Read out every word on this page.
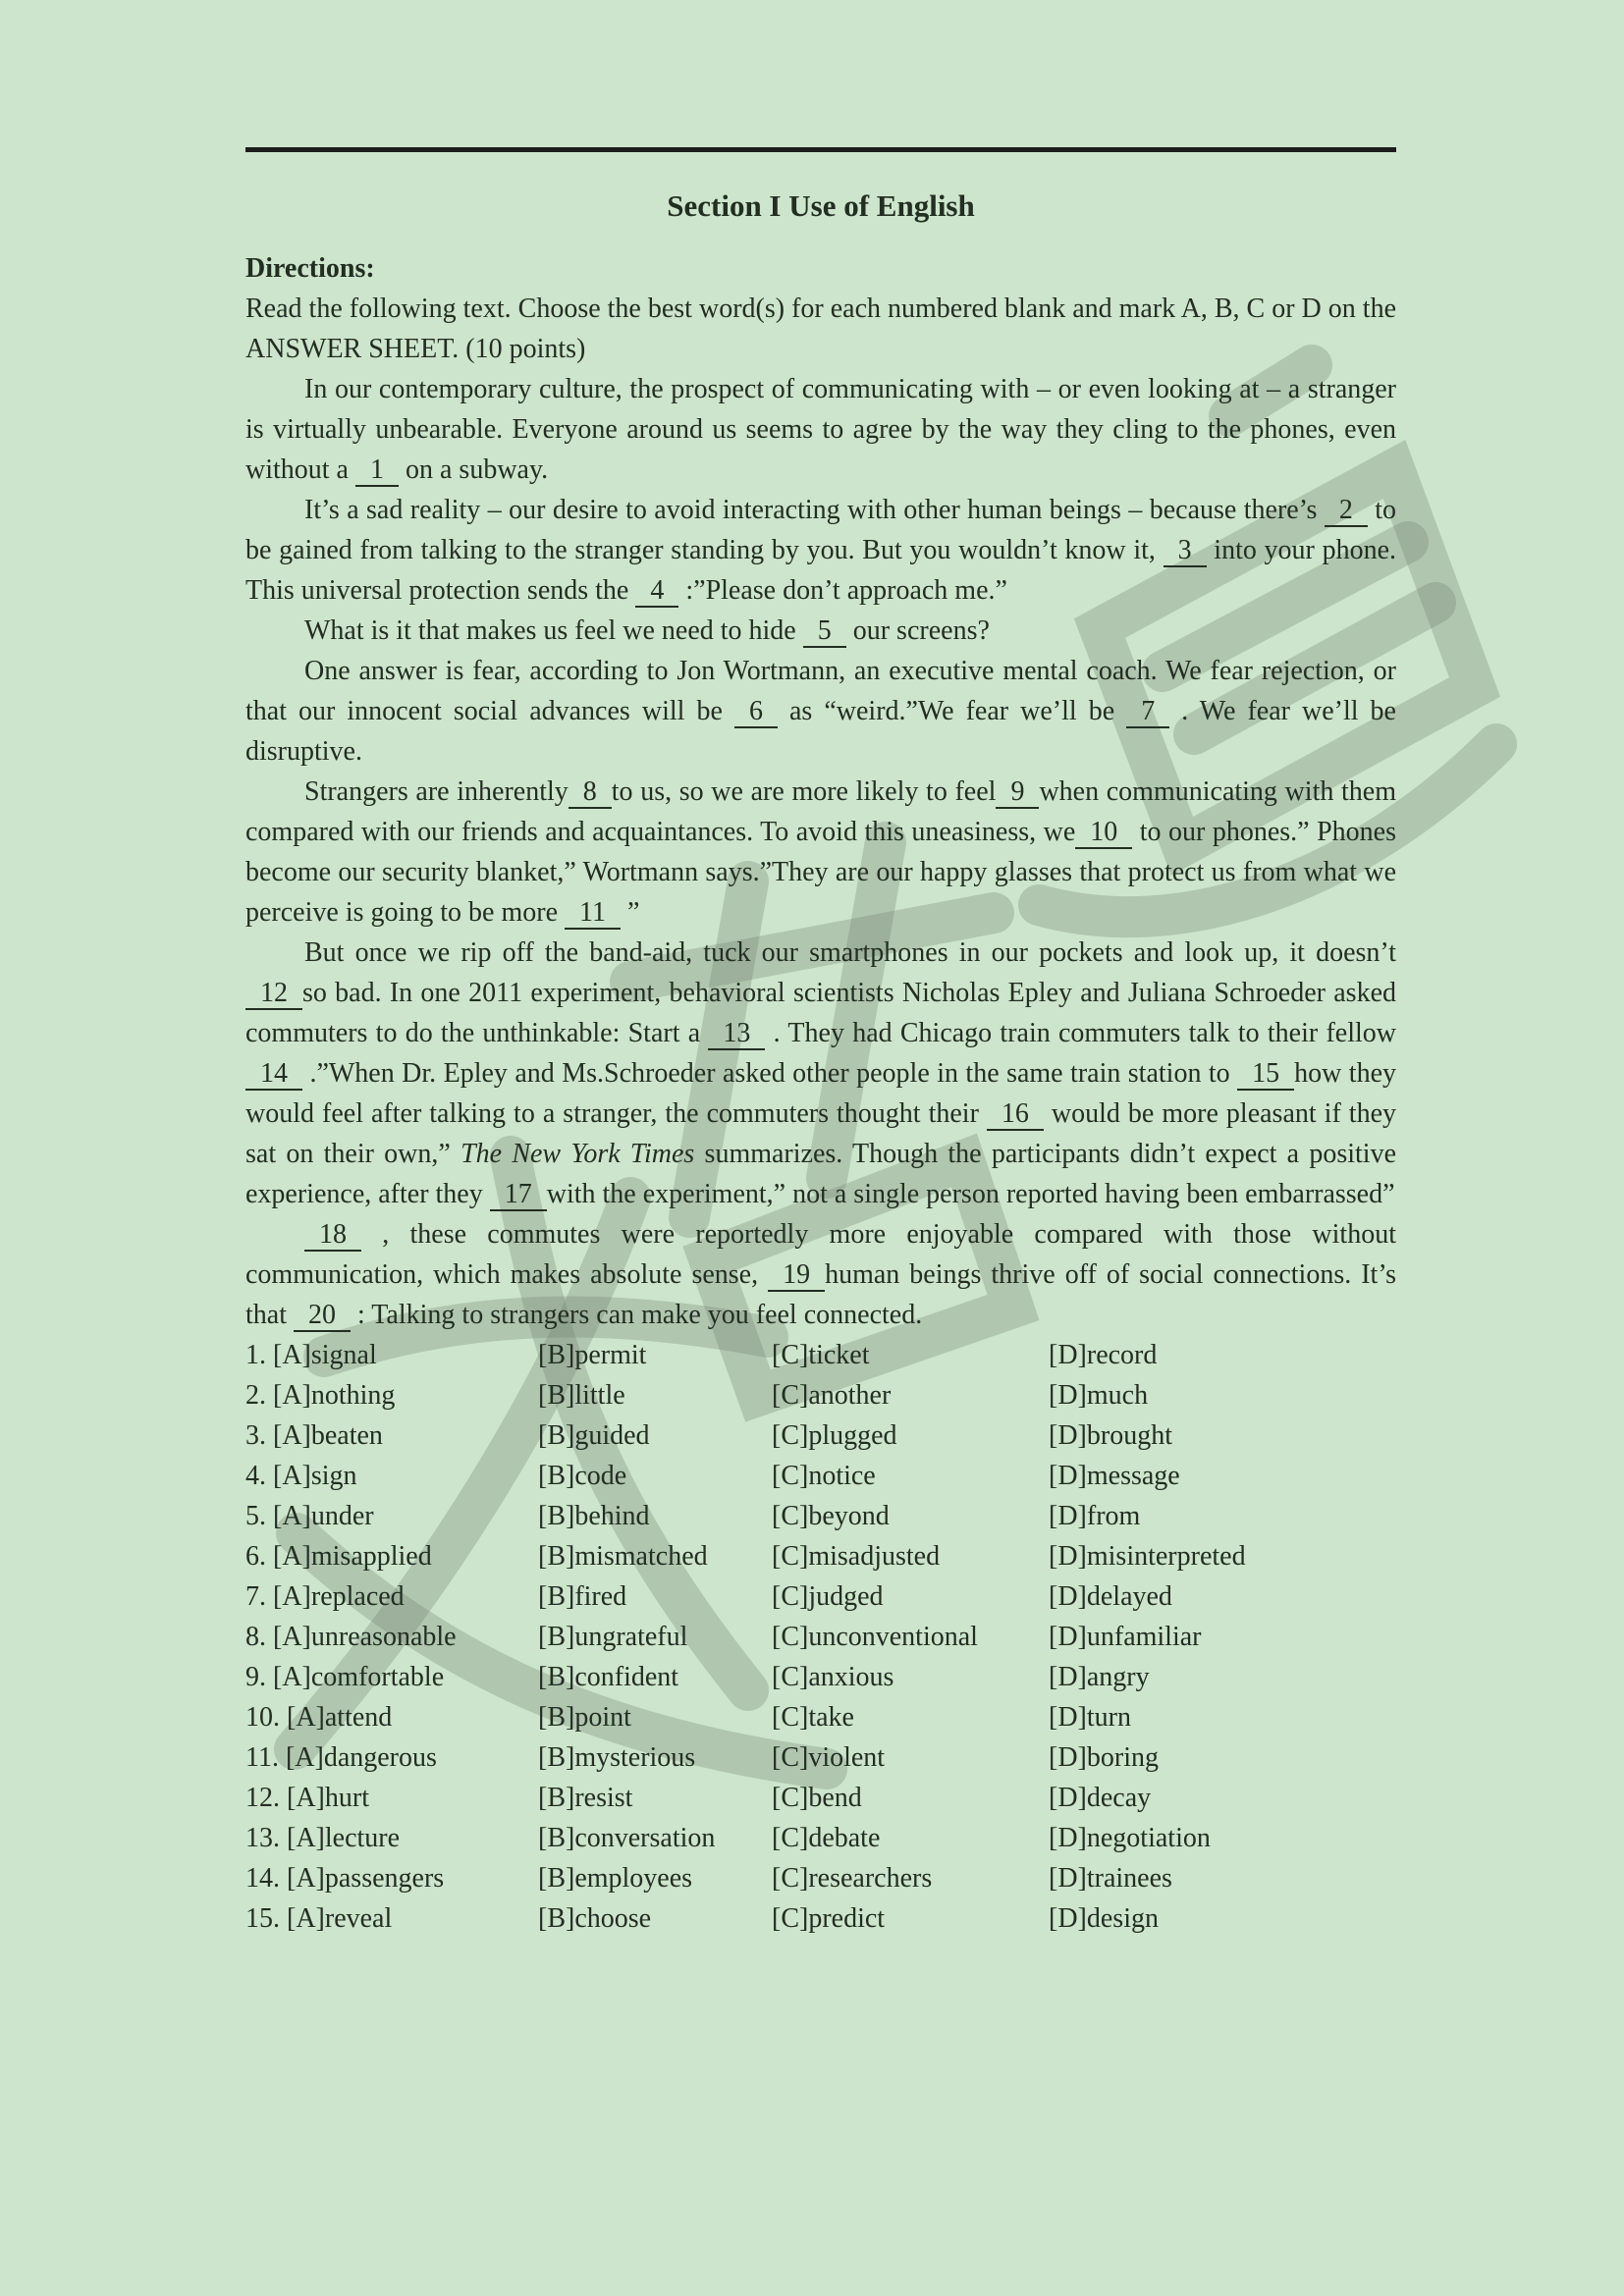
Section I Use of English
Directions:

Read the following text. Choose the best word(s) for each numbered blank and mark A, B, C or D on the ANSWER SHEET. (10 points)

In our contemporary culture, the prospect of communicating with – or even looking at – a stranger is virtually unbearable. Everyone around us seems to agree by the way they cling to the phones, even without a 1 on a subway.

It’s a sad reality – our desire to avoid interacting with other human beings – because there’s 2 to be gained from talking to the stranger standing by you. But you wouldn’t know it, 3 into your phone. This universal protection sends the 4 :”Please don’t approach me.”

What is it that makes us feel we need to hide 5 our screens?

One answer is fear, according to Jon Wortmann, an executive mental coach. We fear rejection, or that our innocent social advances will be 6 as “weird.”We fear we’ll be 7 . We fear we’ll be disruptive.

Strangers are inherently 8 to us, so we are more likely to feel 9 when communicating with them compared with our friends and acquaintances. To avoid this uneasiness, we 10 to our phones.” Phones become our security blanket,” Wortmann says.”They are our happy glasses that protect us from what we perceive is going to be more 11 ”

But once we rip off the band-aid, tuck our smartphones in our pockets and look up, it doesn’t 12 so bad. In one 2011 experiment, behavioral scientists Nicholas Epley and Juliana Schroeder asked commuters to do the unthinkable: Start a 13 . They had Chicago train commuters talk to their fellow 14 .”When Dr. Epley and Ms.Schroeder asked other people in the same train station to 15 how they would feel after talking to a stranger, the commuters thought their 16 would be more pleasant if they sat on their own,” The New York Times summarizes. Though the participants didn’t expect a positive experience, after they 17 with the experiment,” not a single person reported having been embarrassed”

18 , these commutes were reportedly more enjoyable compared with those without communication, which makes absolute sense, 19 human beings thrive off of social connections. It’s that 20 : Talking to strangers can make you feel connected.

1. [A]signal	[B]permit	[C]ticket	[D]record
2. [A]nothing	[B]little	[C]another	[D]much
3. [A]beaten	[B]guided	[C]plugged	[D]brought
4. [A]sign	[B]code	[C]notice	[D]message
5. [A]under	[B]behind	[C]beyond	[D]from
6. [A]misapplied	[B]mismatched	[C]misadjusted	[D]misinterpreted
7. [A]replaced	[B]fired	[C]judged	[D]delayed
8. [A]unreasonable	[B]ungrateful	[C]unconventional	[D]unfamiliar
9. [A]comfortable	[B]confident	[C]anxious	[D]angry
10. [A]attend	[B]point	[C]take	[D]turn
11. [A]dangerous	[B]mysterious	[C]violent	[D]boring
12. [A]hurt	[B]resist	[C]bend	[D]decay
13. [A]lecture	[B]conversation	[C]debate	[D]negotiation
14. [A]passengers	[B]employees	[C]researchers	[D]trainees
15. [A]reveal	[B]choose	[C]predict	[D]design
